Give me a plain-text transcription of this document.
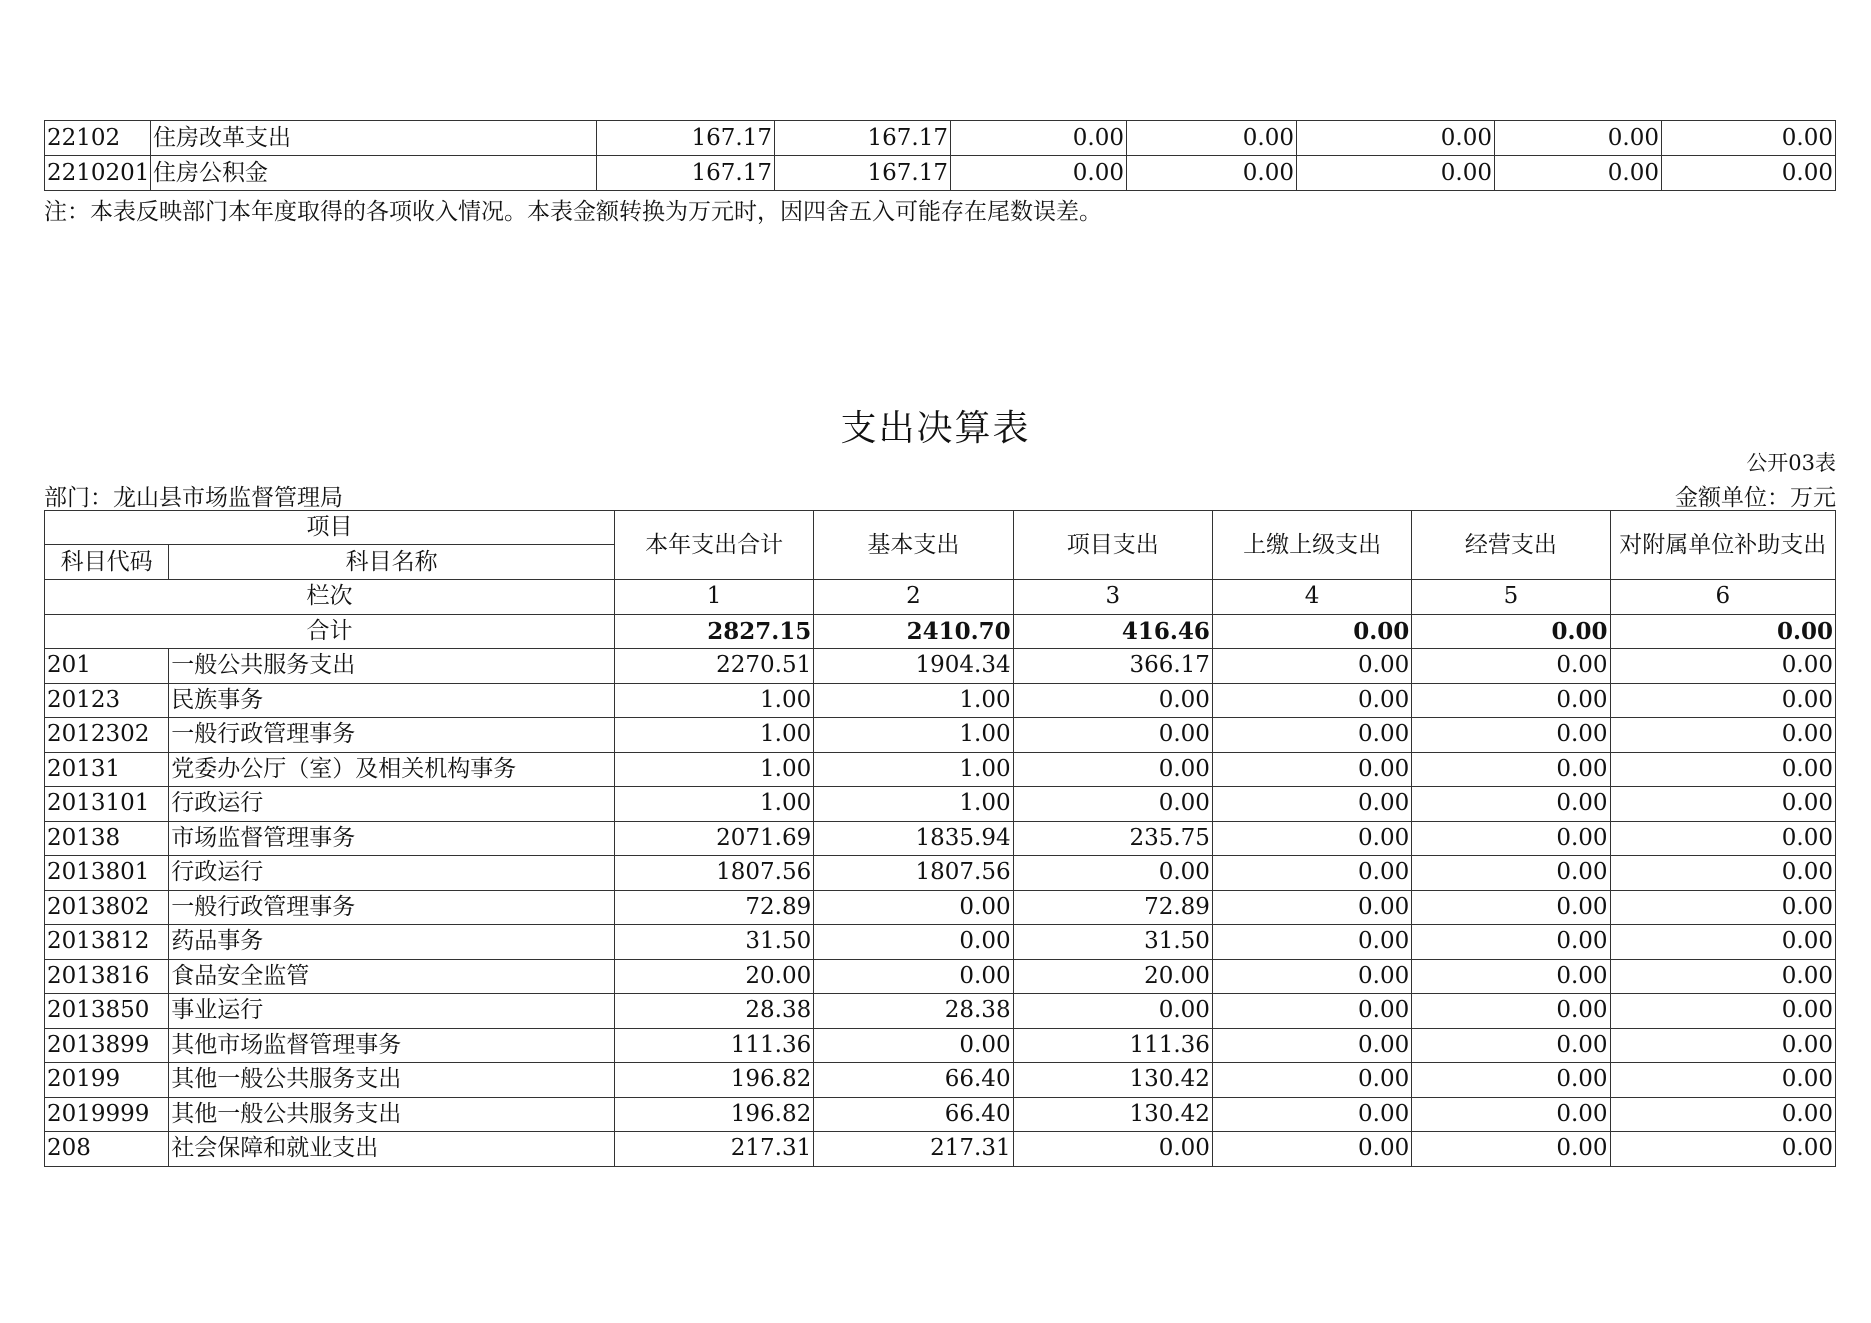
22102	住房改革支出	167.17	167.17	0.00	0.00	0.00	0.00	0.00
2210201	住房公积金	167.17	167.17	0.00	0.00	0.00	0.00	0.00
注：本表反映部门本年度取得的各项收入情况。本表金额转换为万元时，因四舍五入可能存在尾数误差。
支出决算表
公开03表
部门：龙山县市场监督管理局	金额单位：万元
项目		本年支出合计	基本支出	项目支出	上缴上级支出	经营支出	对附属单位补助支出
科目代码	科目名称						
栏次		1	2	3	4	5	6
合计		2827.15	2410.70	416.46	0.00	0.00	0.00
201	一般公共服务支出	2270.51	1904.34	366.17	0.00	0.00	0.00
20123	民族事务	1.00	1.00	0.00	0.00	0.00	0.00
2012302	一般行政管理事务	1.00	1.00	0.00	0.00	0.00	0.00
20131	党委办公厅（室）及相关机构事务	1.00	1.00	0.00	0.00	0.00	0.00
2013101	行政运行	1.00	1.00	0.00	0.00	0.00	0.00
20138	市场监督管理事务	2071.69	1835.94	235.75	0.00	0.00	0.00
2013801	行政运行	1807.56	1807.56	0.00	0.00	0.00	0.00
2013802	一般行政管理事务	72.89	0.00	72.89	0.00	0.00	0.00
2013812	药品事务	31.50	0.00	31.50	0.00	0.00	0.00
2013816	食品安全监管	20.00	0.00	20.00	0.00	0.00	0.00
2013850	事业运行	28.38	28.38	0.00	0.00	0.00	0.00
2013899	其他市场监督管理事务	111.36	0.00	111.36	0.00	0.00	0.00
20199	其他一般公共服务支出	196.82	66.40	130.42	0.00	0.00	0.00
2019999	其他一般公共服务支出	196.82	66.40	130.42	0.00	0.00	0.00
208	社会保障和就业支出	217.31	217.31	0.00	0.00	0.00	0.00
